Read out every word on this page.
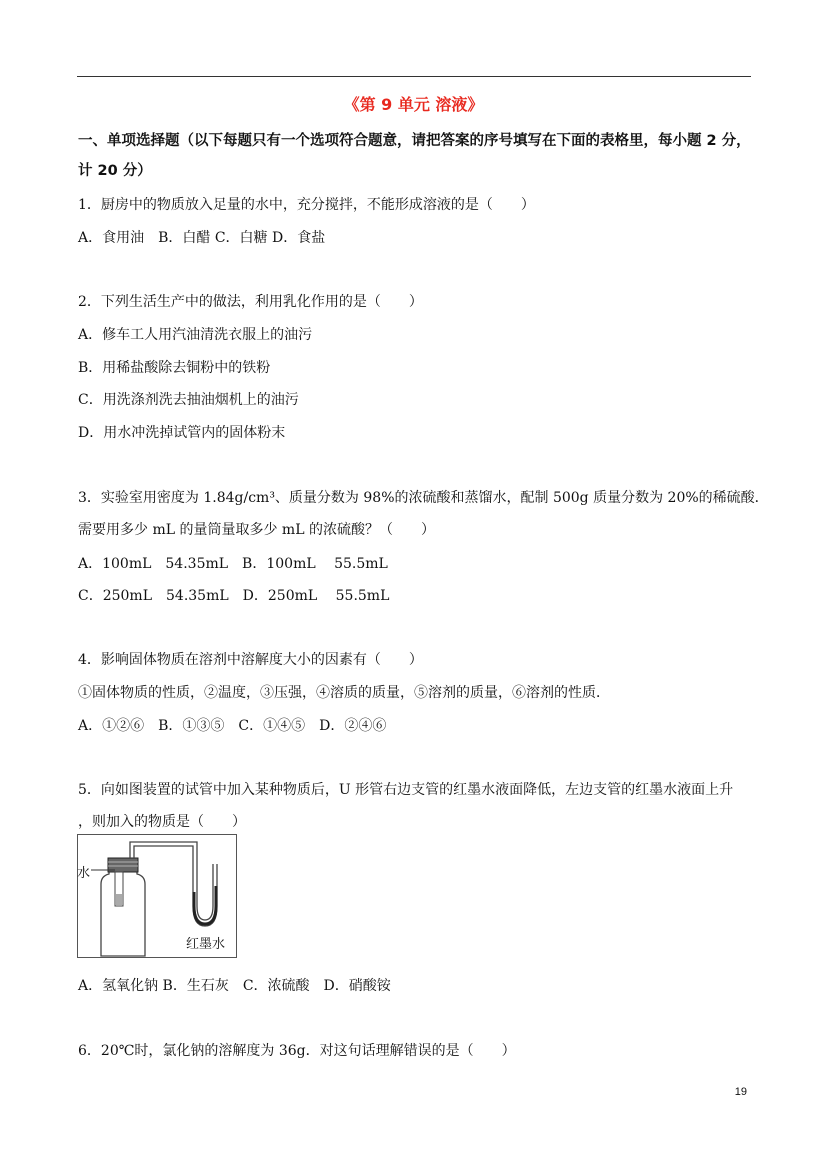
《第 9 单元 溶液》
一、单项选择题（以下每题只有一个选项符合题意，请把答案的序号填写在下面的表格里，每小题 2 分，计 20 分）
1．厨房中的物质放入足量的水中，充分搅拌，不能形成溶液的是（　　）
A．食用油　B．白醋 C．白糖 D．食盐
2．下列生活生产中的做法，利用乳化作用的是（　　）
A．修车工人用汽油清洗衣服上的油污
B．用稀盐酸除去铜粉中的铁粉
C．用洗涤剂洗去抽油烟机上的油污
D．用水冲洗掉试管内的固体粉末
3．实验室用密度为 1.84g/cm³、质量分数为 98%的浓硫酸和蒸馏水，配制 500g 质量分数为 20%的稀硫酸．
需要用多少 mL 的量筒量取多少 mL 的浓硫酸？（　　）
A．100mL　54.35mL　B．100mL　 55.5mL
C．250mL　54.35mL　D．250mL　 55.5mL
4．影响固体物质在溶剂中溶解度大小的因素有（　　）
①固体物质的性质，②温度，③压强，④溶质的质量，⑤溶剂的质量，⑥溶剂的性质．
A．①②⑥　B．①③⑤　C．①④⑤　D．②④⑥
5．向如图装置的试管中加入某种物质后，U 形管右边支管的红墨水液面降低，左边支管的红墨水液面上升
，则加入的物质是（　　）
水
红墨水
A．氢氧化钠 B．生石灰　C．浓硫酸　D．硝酸铵
6．20℃时，氯化钠的溶解度为 36g．对这句话理解错误的是（　　）
19
